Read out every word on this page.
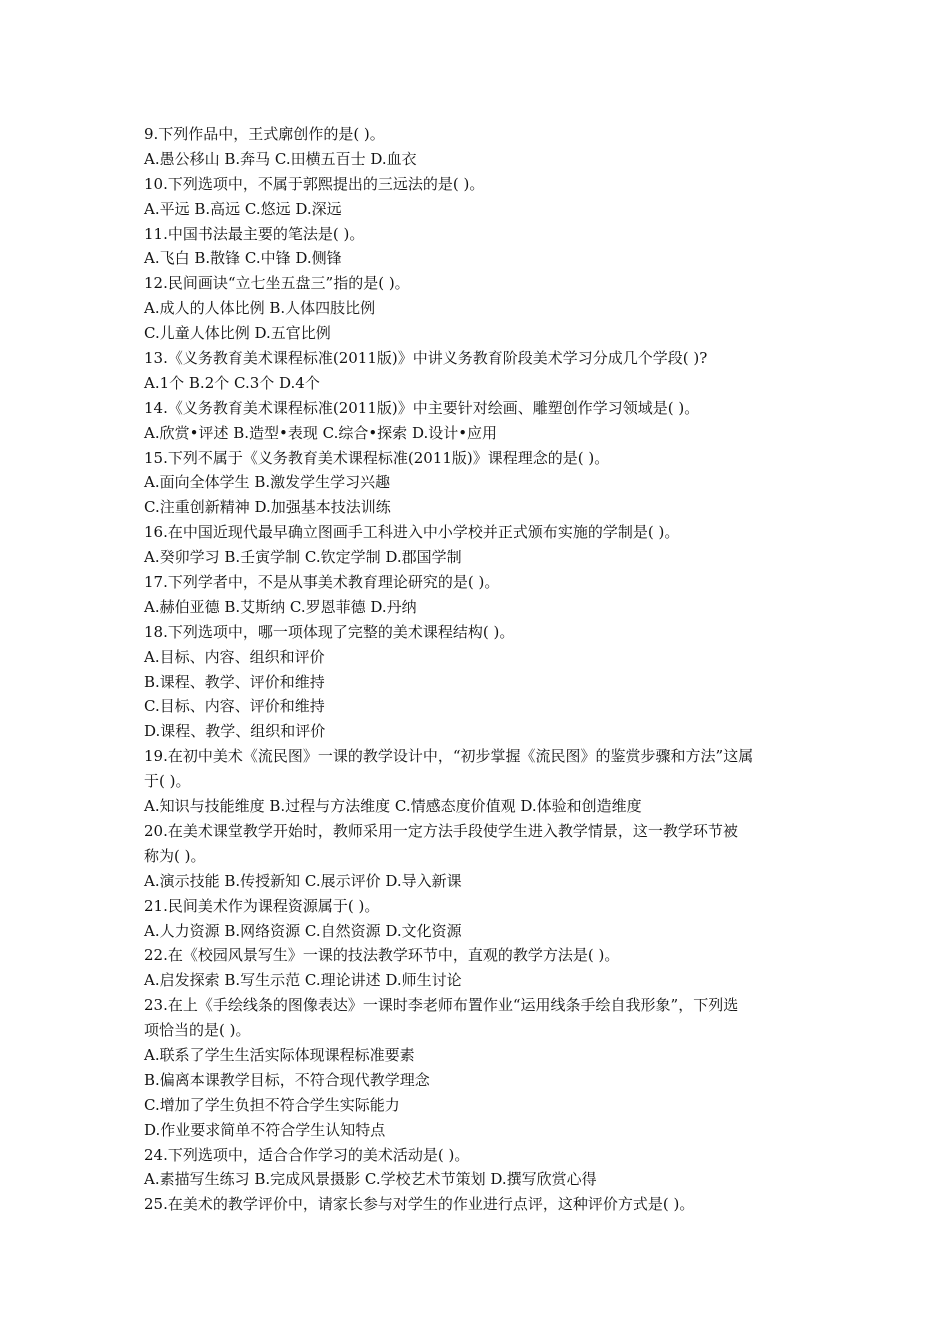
9.下列作品中，王式廓创作的是( )。
A.愚公移山 B.奔马 C.田横五百士 D.血衣
10.下列选项中，不属于郭熙提出的三远法的是( )。
A.平远 B.高远 C.悠远 D.深远
11.中国书法最主要的笔法是( )。
A.飞白 B.散锋 C.中锋 D.侧锋
12.民间画诀“立七坐五盘三”指的是( )。
A.成人的人体比例 B.人体四肢比例
C.儿童人体比例 D.五官比例
13.《义务教育美术课程标准(2011版)》中讲义务教育阶段美术学习分成几个学段( )?
A.1个 B.2个 C.3个 D.4个
14.《义务教育美术课程标准(2011版)》中主要针对绘画、雕塑创作学习领域是( )。
A.欣赏•评述 B.造型•表现 C.综合•探索 D.设计•应用
15.下列不属于《义务教育美术课程标准(2011版)》课程理念的是( )。
A.面向全体学生 B.激发学生学习兴趣
C.注重创新精神 D.加强基本技法训练
16.在中国近现代最早确立图画手工科进入中小学校并正式颁布实施的学制是( )。
A.癸卯学习 B.壬寅学制 C.钦定学制 D.郡国学制
17.下列学者中，不是从事美术教育理论研究的是( )。
A.赫伯亚德 B.艾斯纳 C.罗恩菲德 D.丹纳
18.下列选项中，哪一项体现了完整的美术课程结构( )。
A.目标、内容、组织和评价
B.课程、教学、评价和维持
C.目标、内容、评价和维持
D.课程、教学、组织和评价
19.在初中美术《流民图》一课的教学设计中，“初步掌握《流民图》的鉴赏步骤和方法”这属
于( )。
A.知识与技能维度 B.过程与方法维度 C.情感态度价值观 D.体验和创造维度
20.在美术课堂教学开始时，教师采用一定方法手段使学生进入教学情景，这一教学环节被
称为( )。
A.演示技能 B.传授新知 C.展示评价 D.导入新课
21.民间美术作为课程资源属于( )。
A.人力资源 B.网络资源 C.自然资源 D.文化资源
22.在《校园风景写生》一课的技法教学环节中，直观的教学方法是( )。
A.启发探索 B.写生示范 C.理论讲述 D.师生讨论
23.在上《手绘线条的图像表达》一课时李老师布置作业“运用线条手绘自我形象”，下列选
项恰当的是( )。
A.联系了学生生活实际体现课程标准要素
B.偏离本课教学目标，不符合现代教学理念
C.增加了学生负担不符合学生实际能力
D.作业要求简单不符合学生认知特点
24.下列选项中，适合合作学习的美术活动是( )。
A.素描写生练习 B.完成风景摄影 C.学校艺术节策划 D.撰写欣赏心得
25.在美术的教学评价中，请家长参与对学生的作业进行点评，这种评价方式是( )。
